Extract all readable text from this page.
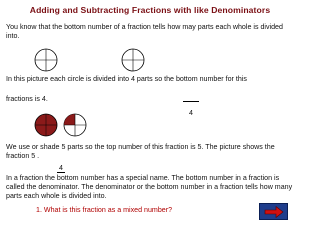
Adding and Subtracting Fractions with like Denominators
You know that the bottom number of a fraction tells how may parts each whole is divided into.
In this picture each circle is divided into 4 parts so the bottom number for this
fractions is 4.
4
We use or shade 5 parts so the top number of this fraction is 5. The picture shows the fraction 5 .
4
In a fraction the bottom number has a special name. The bottom number in a fraction is called the denominator. The denominator or the bottom number in a fraction tells how many parts each whole is divided into.
1. What is this fraction as a mixed number?
